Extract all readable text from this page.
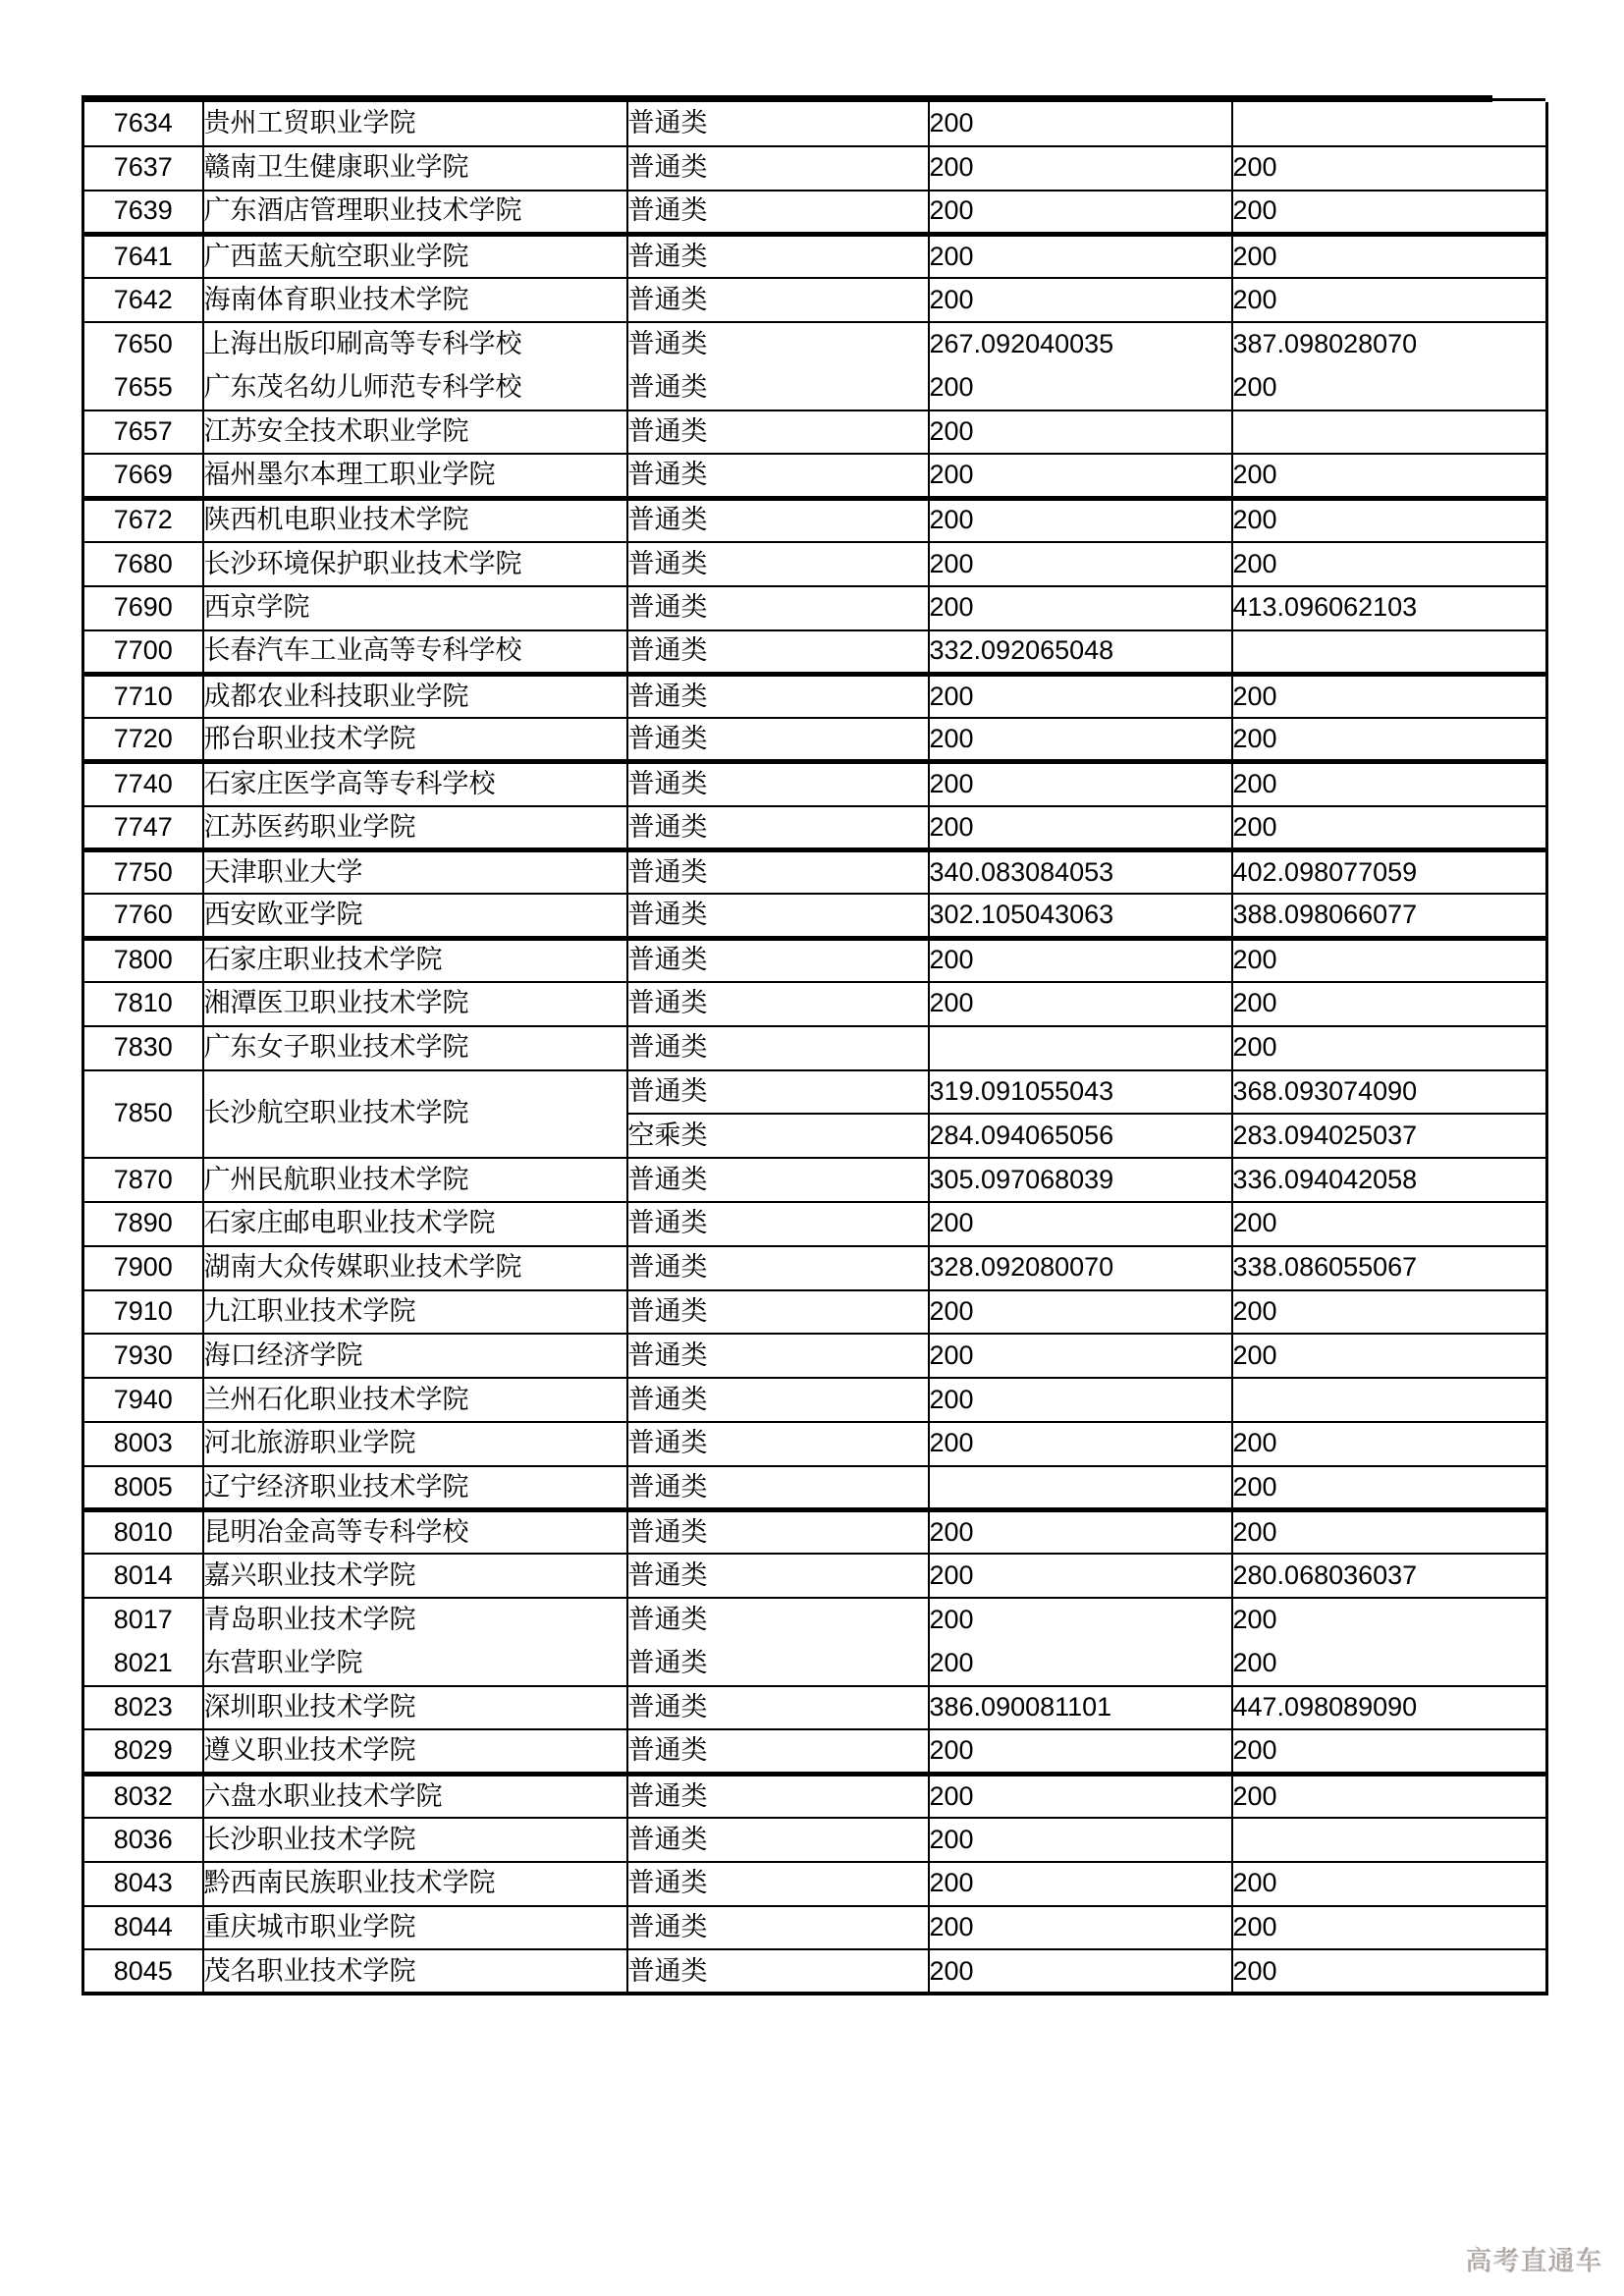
7634	贵州工贸职业学院	普通类	200	
7637	赣南卫生健康职业学院	普通类	200	200
7639	广东酒店管理职业技术学院	普通类	200	200
7641	广西蓝天航空职业学院	普通类	200	200
7642	海南体育职业技术学院	普通类	200	200
7650	上海出版印刷高等专科学校	普通类	267.092040035	387.098028070
7655	广东茂名幼儿师范专科学校	普通类	200	200
7657	江苏安全技术职业学院	普通类	200	
7669	福州墨尔本理工职业学院	普通类	200	200
7672	陕西机电职业技术学院	普通类	200	200
7680	长沙环境保护职业技术学院	普通类	200	200
7690	西京学院	普通类	200	413.096062103
7700	长春汽车工业高等专科学校	普通类	332.092065048	
7710	成都农业科技职业学院	普通类	200	200
7720	邢台职业技术学院	普通类	200	200
7740	石家庄医学高等专科学校	普通类	200	200
7747	江苏医药职业学院	普通类	200	200
7750	天津职业大学	普通类	340.083084053	402.098077059
7760	西安欧亚学院	普通类	302.105043063	388.098066077
7800	石家庄职业技术学院	普通类	200	200
7810	湘潭医卫职业技术学院	普通类	200	200
7830	广东女子职业技术学院	普通类		200
7850	长沙航空职业技术学院	普通类	319.091055043	368.093074090
		空乘类	284.094065056	283.094025037
7870	广州民航职业技术学院	普通类	305.097068039	336.094042058
7890	石家庄邮电职业技术学院	普通类	200	200
7900	湖南大众传媒职业技术学院	普通类	328.092080070	338.086055067
7910	九江职业技术学院	普通类	200	200
7930	海口经济学院	普通类	200	200
7940	兰州石化职业技术学院	普通类	200	
8003	河北旅游职业学院	普通类	200	200
8005	辽宁经济职业技术学院	普通类		200
8010	昆明冶金高等专科学校	普通类	200	200
8014	嘉兴职业技术学院	普通类	200	280.068036037
8017	青岛职业技术学院	普通类	200	200
8021	东营职业学院	普通类	200	200
8023	深圳职业技术学院	普通类	386.090081101	447.098089090
8029	遵义职业技术学院	普通类	200	200
8032	六盘水职业技术学院	普通类	200	200
8036	长沙职业技术学院	普通类	200	
8043	黔西南民族职业技术学院	普通类	200	200
8044	重庆城市职业学院	普通类	200	200
8045	茂名职业技术学院	普通类	200	200
高考直通车
